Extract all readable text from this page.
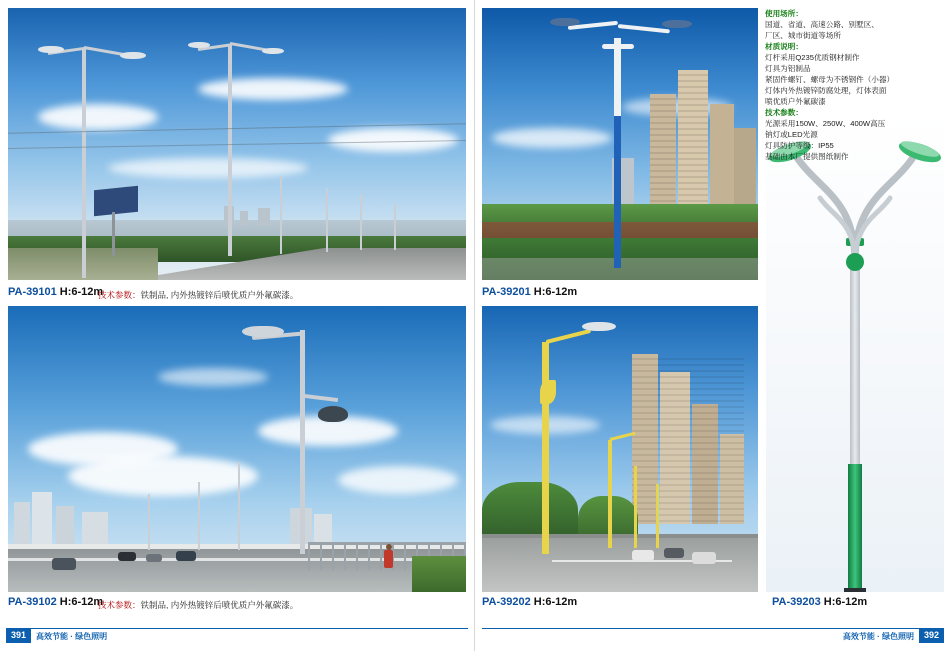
PA-39101 H:6-12m
技术参数：铁制品, 内外热镀锌后喷优质户外氟碳漆。	PA-39201 H:6-12m
PA-39102 H:6-12m
技术参数：铁制品, 内外热镀锌后喷优质户外氟碳漆。	PA-39202 H:6-12m	PA-39203 H:6-12m
使用场所：
国道、省道、高速公路、别墅区、
厂区、城市街道等场所
材质说明：
灯杆采用Q235优质钢材制作
灯具为铝制品
紧固件螺钉、螺母为不锈钢件（小器）
灯体内外热镀锌防腐处理，灯体表面
喷优质户外氟碳漆
技术参数：
光源采用150W、250W、400W高压
钠灯或LED光源
灯具防护等级：IP55
基础由本厂提供图纸制作
391	高效节能 · 绿色照明	高效节能 · 绿色照明	392
